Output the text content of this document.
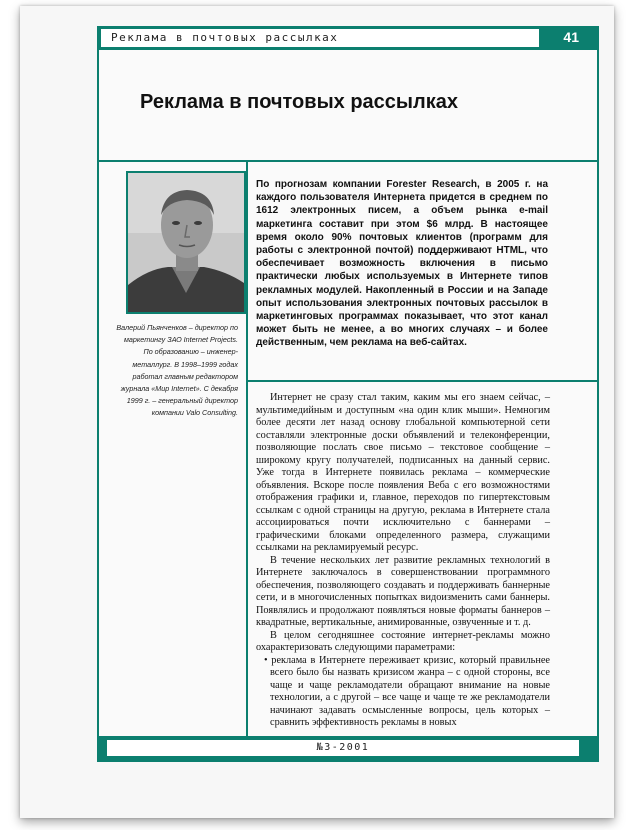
Реклама в почтовых рассылках	41
Реклама в почтовых рассылках
Валерий Пьянченков – директор по маркетингу ЗАО Internet Projects. По образованию – инженер-металлург. В 1998–1999 годах работал главным редактором журнала «Мир Internet». С декабря 1999 г. – генеральный директор компании Valo Consulting.
По прогнозам компании Forester Research, в 2005 г. на каждого пользователя Интернета придется в среднем по 1612 электронных писем, а объем рынка e-mail маркетинга составит при этом $6 млрд. В настоящее время около 90% почтовых клиентов (программ для работы с электронной почтой) поддерживают HTML, что обеспечивает возможность включения в письмо практически любых используемых в Интернете типов рекламных модулей. Накопленный в России и на Западе опыт использования электронных почтовых рассылок в маркетинговых программах показывает, что этот канал может быть не менее, а во многих случаях – и более действенным, чем реклама на веб-сайтах.

Интернет не сразу стал таким, каким мы его знаем сейчас, – мультимедийным и доступным «на один клик мыши». Немногим более десяти лет назад основу глобальной компьютерной сети составляли электронные доски объявлений и телеконференции, позволяющие послать свое письмо – текстовое сообщение – широкому кругу получателей, подписанных на данный сервис. Уже тогда в Интернете появилась реклама – коммерческие объявления. Вскоре после появления Веба с его возможностями отображения графики и, главное, переходов по гипертекстовым ссылкам с одной страницы на другую, реклама в Интернете стала ассоциироваться почти исключительно с баннерами – графическими блоками определенного размера, служащими ссылками на рекламируемый ресурс.

В течение нескольких лет развитие рекламных технологий в Интернете заключалось в совершенствовании программного обеспечения, позволяющего создавать и поддерживать баннерные сети, и в многочисленных попытках видоизменить сами баннеры. Появлялись и продолжают появляться новые форматы баннеров – квадратные, вертикальные, анимированные, озвученные и т. д.

В целом сегодняшнее состояние интернет-рекламы можно охарактеризовать следующими параметрами:

• реклама в Интернете переживает кризис, который правильнее всего было бы назвать кризисом жанра – с одной стороны, все чаще и чаще рекламодатели обращают внимание на новые технологии, а с другой – все чаще и чаще те же рекламодатели начинают задавать осмысленные вопросы, цель которых – сравнить эффективность рекламы в новых

№3-2001
